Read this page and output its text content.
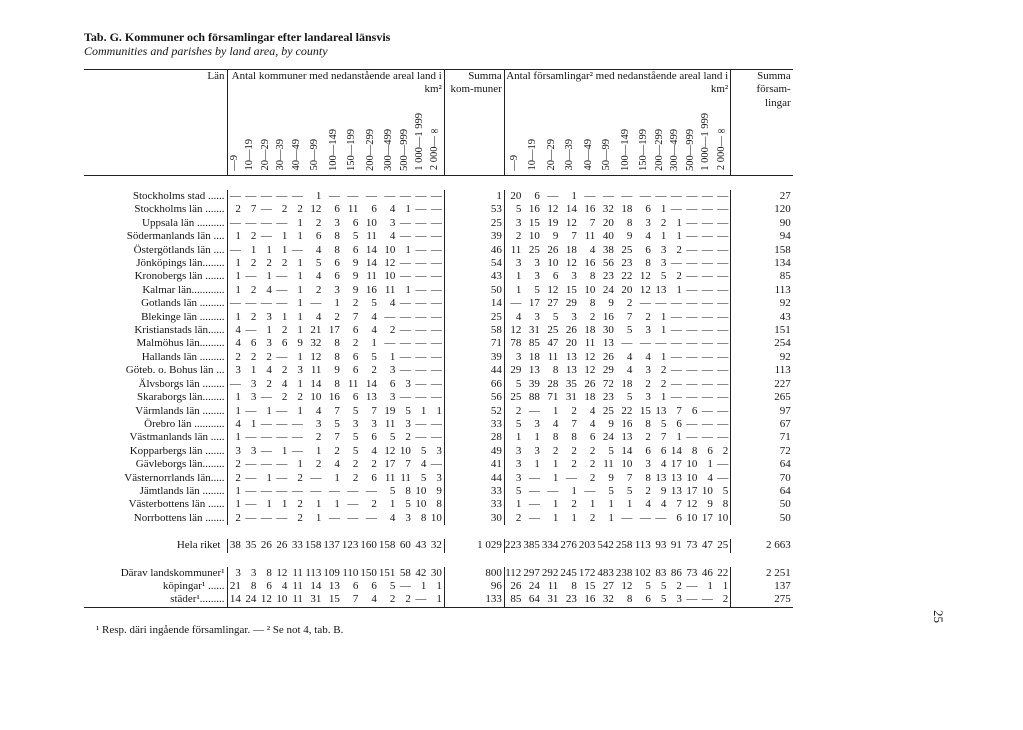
Tab. G. Kommuner och församlingar efter landareal länsvis
Communities and parishes by land area, by county
Län	Antal kommuner med nedanstående areal land i km²													Summa kom-muner	Antal församlingar² med nedanstående areal land i km²													Summa försam-lingar
	—9	10—19	20—29	30—39	40—49	50—99	100—149	150—199	200—299	300—499	500—999	1 000—1 999	2 000—∞		—9	10—19	20—29	30—39	40—49	50—99	100—149	150—199	200—299	300—499	500—999	1 000—1 999	2 000—∞	

Stockholms stad ......	—	—	—	—	—	1	—	—	—	—	—	—	—	1	20	6	—	1	—	—	—	—	—	—	—	—	—	27
Stockholms län .......	2	7	—	2	2	12	6	11	6	4	1	—	—	53	5	16	12	14	16	32	18	6	1	—	—	—	—	120
Uppsala län ..........	—	—	—	—	1	2	3	6	10	3	—	—	—	25	3	15	19	12	7	20	8	3	2	1	—	—	—	90
Södermanlands län ....	1	2	—	1	1	6	8	5	11	4	—	—	—	39	2	10	9	7	11	40	9	4	1	1	—	—	—	94
Östergötlands län ....	—	1	1	1	—	4	8	6	14	10	1	—	—	46	11	25	26	18	4	38	25	6	3	2	—	—	—	158
Jönköpings län........	1	2	2	2	1	5	6	9	14	12	—	—	—	54	3	3	10	12	16	56	23	8	3	—	—	—	—	134
Kronobergs län .......	1	—	1	—	1	4	6	9	11	10	—	—	—	43	1	3	6	3	8	23	22	12	5	2	—	—	—	85
Kalmar län............	1	2	4	—	1	2	3	9	16	11	1	—	—	50	1	5	12	15	10	24	20	12	13	1	—	—	—	113
Gotlands län .........	—	—	—	—	1	—	1	2	5	4	—	—	—	14	—	17	27	29	8	9	2	—	—	—	—	—	—	92
Blekinge län .........	1	2	3	1	1	4	2	7	4	—	—	—	—	25	4	3	5	3	2	16	7	2	1	—	—	—	—	43
Kristianstads län......	4	—	1	2	1	21	17	6	4	2	—	—	—	58	12	31	25	26	18	30	5	3	1	—	—	—	—	151
Malmöhus län.........	4	6	3	6	9	32	8	2	1	—	—	—	—	71	78	85	47	20	11	13	—	—	—	—	—	—	—	254
Hallands län .........	2	2	2	—	1	12	8	6	5	1	—	—	—	39	3	18	11	13	12	26	4	4	1	—	—	—	—	92
Göteb. o. Bohus län ...	3	1	4	2	3	11	9	6	2	3	—	—	—	44	29	13	8	13	12	29	4	3	2	—	—	—	—	113
Älvsborgs län ........	—	3	2	4	1	14	8	11	14	6	3	—	—	66	5	39	28	35	26	72	18	2	2	—	—	—	—	227
Skaraborgs län........	1	3	—	2	2	10	16	6	13	3	—	—	—	56	25	88	71	31	18	23	5	3	1	—	—	—	—	265
Värmlands län ........	1	—	1	—	1	4	7	5	7	19	5	1	1	52	2	—	1	2	4	25	22	15	13	7	6	—	—	97
Örebro län ...........	4	1	—	—	—	3	5	3	3	11	3	—	—	33	5	3	4	7	4	9	16	8	5	6	—	—	—	67
Västmanlands län .....	1	—	—	—	—	2	7	5	6	5	2	—	—	28	1	1	8	8	6	24	13	2	7	1	—	—	—	71
Kopparbergs län .......	3	3	—	1	—	1	2	5	4	12	10	5	3	49	3	3	2	2	2	5	14	6	6	14	8	6	2	72
Gävleborgs län........	2	—	—	—	1	2	4	2	2	17	7	4	—	41	3	1	1	2	2	11	10	3	4	17	10	1	—	64
Västernorrlands län.....	2	—	1	—	2	—	1	2	6	11	11	5	3	44	3	—	1	—	2	9	7	8	13	13	10	4	—	70
Jämtlands län ........	1	—	—	—	—	—	—	—	—	5	8	10	9	33	5	—	—	1	—	5	5	2	9	13	17	10	5	64
Västerbottens län ......	1	—	1	1	2	1	1	—	2	1	5	10	8	33	1	—	1	2	1	1	1	4	4	7	12	9	8	50
Norrbottens län .......	2	—	—	—	2	1	—	—	—	4	3	8	10	30	2	—	1	1	2	1	—	—	—	6	10	17	10	50

Hela riket	38	35	26	26	33	158	137	123	160	158	60	43	32	1 029	223	385	334	276	203	542	258	113	93	91	73	47	25	2 663

Därav landskommuner¹	3	3	8	12	11	113	109	110	150	151	58	42	30	800	112	297	292	245	172	483	238	102	83	86	73	46	22	2 251
köpingar¹ ......	21	8	6	4	11	14	13	6	6	5	—	1	1	96	26	24	11	8	15	27	12	5	5	2	—	1	1	137
städer¹.........	14	24	12	10	11	31	15	7	4	2	2	—	1	133	85	64	31	23	16	32	8	6	5	3	—	—	2	275
¹ Resp. däri ingående församlingar. — ² Se not 4, tab. B.
25
